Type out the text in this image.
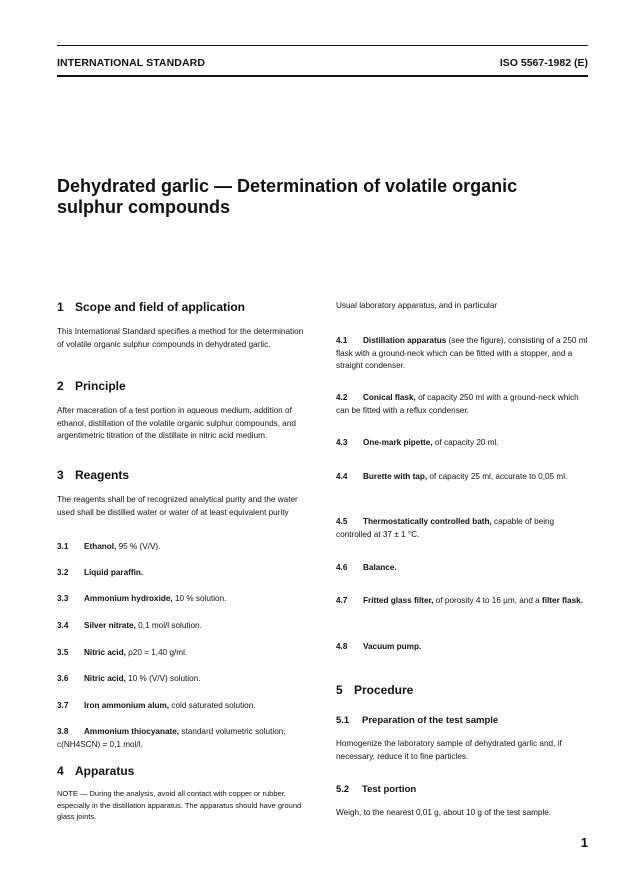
INTERNATIONAL STANDARD	ISO 5567-1982 (E)
Dehydrated garlic — Determination of volatile organic
sulphur compounds

1 Scope and field of application

This International Standard specifies a method for the determination of volatile organic sulphur compounds in dehydrated garlic.

2 Principle

After maceration of a test portion in aqueous medium, addition of ethanol, distillation of the volatile organic sulphur compounds, and argentimetric titration of the distillate in nitric acid medium.

3 Reagents

The reagents shall be of recognized analytical purity and the water used shall be distilled water or water of at least equivalent purity

3.1 Ethanol, 95 % (V/V).

3.2 Liquid paraffin.

3.3 Ammonium hydroxide, 10 % solution.

3.4 Silver nitrate, 0,1 mol/l solution.

3.5 Nitric acid, ρ20 = 1,40 g/ml.

3.6 Nitric acid, 10 % (V/V) solution.

3.7 Iron ammonium alum, cold saturated solution.

3.8 Ammonium thiocyanate, standard volumetric solution, c(NH4SCN) = 0,1 mol/l.

4 Apparatus

NOTE — During the analysis, avoid all contact with copper or rubber, especially in the distillation apparatus. The apparatus should have ground glass joints.

Usual laboratory apparatus, and in particular

4.1 Distillation apparatus (see the figure), consisting of a 250 ml flask with a ground-neck which can be fitted with a stopper, and a straight condenser.

4.2 Conical flask, of capacity 250 ml with a ground-neck which can be fitted with a reflux condenser.

4.3 One-mark pipette, of capacity 20 ml.

4.4 Burette with tap, of capacity 25 ml, accurate to 0,05 ml.

4.5 Thermostatically controlled bath, capable of being controlled at 37 ± 1 °C.

4.6 Balance.

4.7 Fritted glass filter, of porosity 4 to 16 µm, and a filter flask.

4.8 Vacuum pump.

5 Procedure

5.1 Preparation of the test sample

Homogenize the laboratory sample of dehydrated garlic and, if necessary, reduce it to fine particles.

5.2 Test portion

Weigh, to the nearest 0,01 g, about 10 g of the test sample.

1
